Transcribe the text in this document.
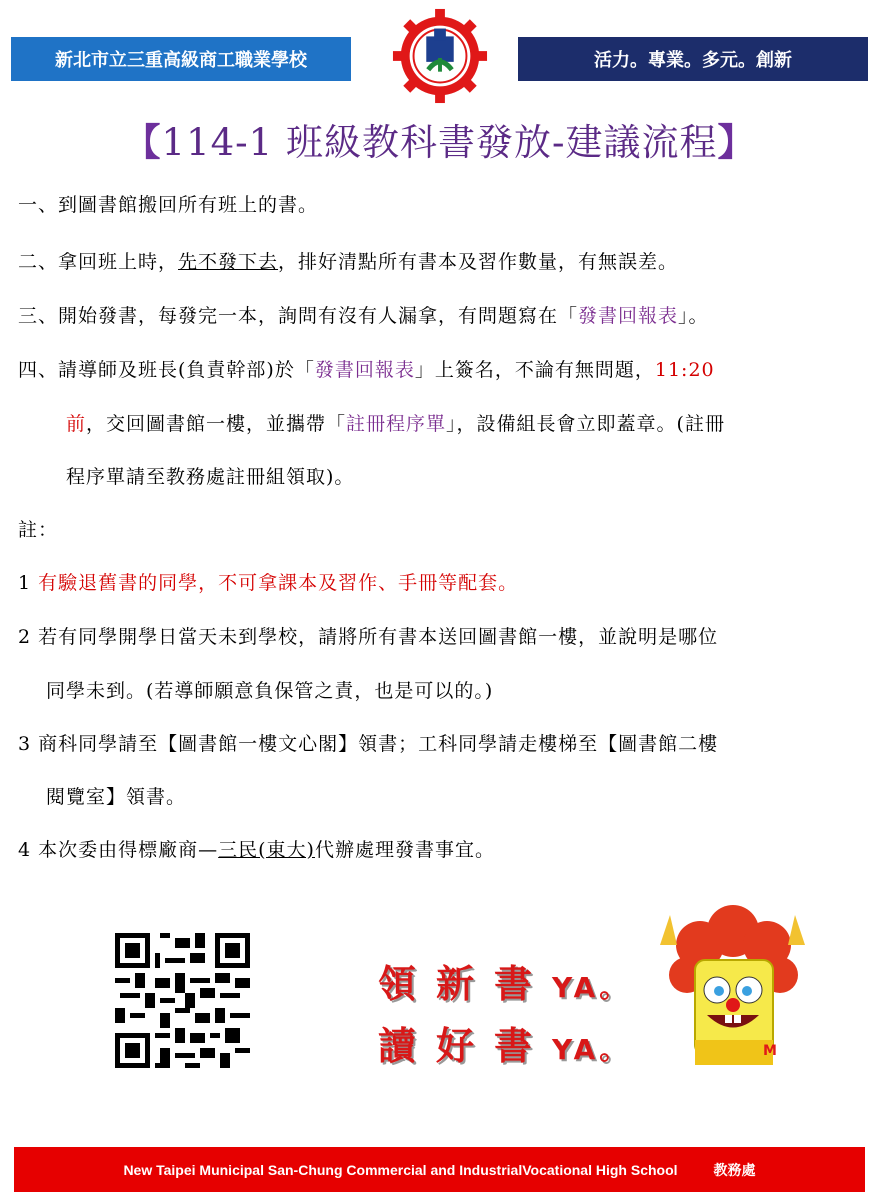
新北市立三重高級商工職業學校	活力。專業。多元。創新
【114-1 班級教科書發放-建議流程】
一、到圖書館搬回所有班上的書。
二、拿回班上時，先不發下去，排好清點所有書本及習作數量，有無誤差。
三、開始發書，每發完一本，詢問有沒有人漏拿，有問題寫在「發書回報表」。
四、請導師及班長(負責幹部)於「發書回報表」上簽名，不論有無問題，11:20
前，交回圖書館一樓，並攜帶「註冊程序單」，設備組長會立即蓋章。(註冊
程序單請至教務處註冊組領取)。
註：
1 有驗退舊書的同學，不可拿課本及習作、手冊等配套。
2 若有同學開學日當天未到學校，請將所有書本送回圖書館一樓，並說明是哪位
同學未到。(若導師願意負保管之責，也是可以的。)
3 商科同學請至【圖書館一樓文心閣】領書；工科同學請走樓梯至【圖書館二樓
閱覽室】領書。
4 本次委由得標廠商—三民(東大)代辦處理發書事宜。
領新書YA。
讀好書YA。	M
New Taipei Municipal San-Chung Commercial and IndustrialVocational High School	教務處
